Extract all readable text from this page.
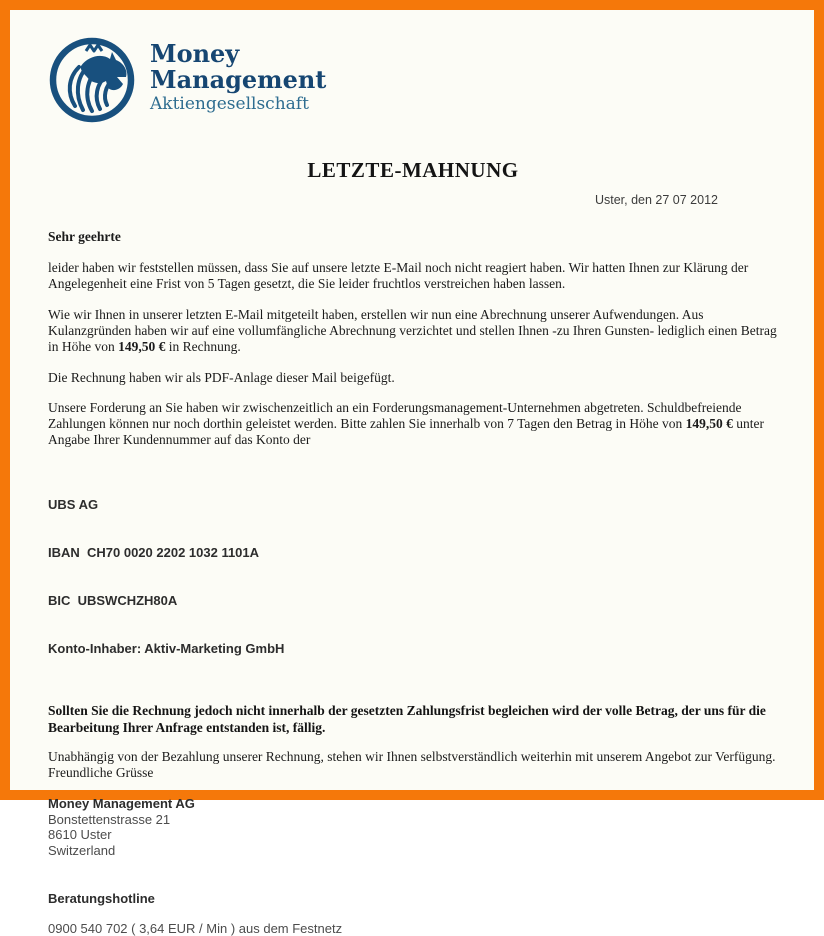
Money
Management
Aktiengesellschaft
LETZTE-MAHNUNG
Uster, den 27 07 2012

Sehr geehrte

leider haben wir feststellen müssen, dass Sie auf unsere letzte E-Mail noch nicht reagiert haben. Wir hatten Ihnen zur Klärung der Angelegenheit eine Frist von 5 Tagen gesetzt, die Sie leider fruchtlos verstreichen haben lassen.

Wie wir Ihnen in unserer letzten E-Mail mitgeteilt haben, erstellen wir nun eine Abrechnung unserer Aufwendungen. Aus Kulanzgründen haben wir auf eine vollumfängliche Abrechnung verzichtet und stellen Ihnen -zu Ihren Gunsten- lediglich einen Betrag in Höhe von 149,50 € in Rechnung.

Die Rechnung haben wir als PDF-Anlage dieser Mail beigefügt.

Unsere Forderung an Sie haben wir zwischenzeitlich an ein Forderungsmanagement-Unternehmen abgetreten. Schuldbefreiende Zahlungen können nur noch dorthin geleistet werden. Bitte zahlen Sie innerhalb von 7 Tagen den Betrag in Höhe von 149,50 € unter Angabe Ihrer Kundennummer auf das Konto der

UBS AG

IBAN  CH70 0020 2202 1032 1101A

BIC  UBSWCHZH80A

Konto-Inhaber: Aktiv-Marketing GmbH

Sollten Sie die Rechnung jedoch nicht innerhalb der gesetzten Zahlungsfrist begleichen wird der volle Betrag, der uns für die Bearbeitung Ihrer Anfrage entstanden ist, fällig.

Unabhängig von der Bezahlung unserer Rechnung, stehen wir Ihnen selbstverständlich weiterhin mit unserem Angebot zur Verfügung.
Freundliche Grüsse
Money Management AG
Bonstettenstrasse 21
8610 Uster
Switzerland
Beratungshotline
0900 540 702 ( 3,64 EUR / Min ) aus dem Festnetz
